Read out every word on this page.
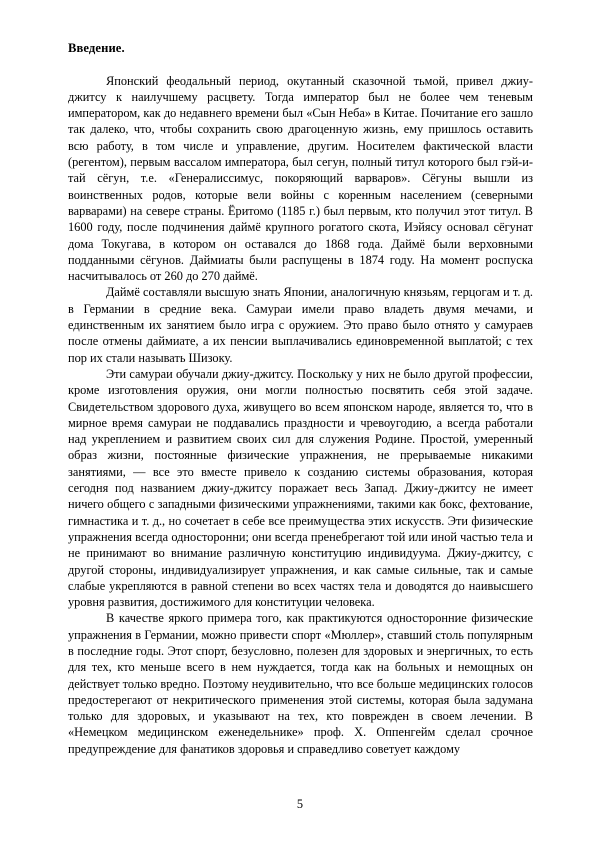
Введение.

Японский феодальный период, окутанный сказочной тьмой, привел джиу-джитсу к наилучшему расцвету. Тогда император был не более чем теневым императором, как до недавнего времени был «Сын Неба» в Китае. Почитание его зашло так далеко, что, чтобы сохранить свою драгоценную жизнь, ему пришлось оставить всю работу, в том числе и управление, другим. Носителем фактической власти (регентом), первым вассалом императора, был сегун, полный титул которого был гэй-и-тай сёгун, т.е. «Генералиссимус, покоряющий варваров». Сёгуны вышли из воинственных родов, которые вели войны с коренным населением (северными варварами) на севере страны. Ёритомо (1185 г.) был первым, кто получил этот титул. В 1600 году, после подчинения даймё крупного рогатого скота, Иэйясу основал сёгунат дома Токугава, в котором он оставался до 1868 года. Даймё были верховными подданными сёгунов. Даймиаты были распущены в 1874 году. На момент роспуска насчитывалось от 260 до 270 даймё.

Даймё составляли высшую знать Японии, аналогичную князьям, герцогам и т. д. в Германии в средние века. Самураи имели право владеть двумя мечами, и единственным их занятием было игра с оружием. Это право было отнято у самураев после отмены даймиате, а их пенсии выплачивались единовременной выплатой; с тех пор их стали называть Шизоку.

Эти самураи обучали джиу-джитсу. Поскольку у них не было другой профессии, кроме изготовления оружия, они могли полностью посвятить себя этой задаче. Свидетельством здорового духа, живущего во всем японском народе, является то, что в мирное время самураи не поддавались праздности и чревоугодию, а всегда работали над укреплением и развитием своих сил для служения Родине. Простой, умеренный образ жизни, постоянные физические упражнения, не прерываемые никакими занятиями, — все это вместе привело к созданию системы образования, которая сегодня под названием джиу-джитсу поражает весь Запад. Джиу-джитсу не имеет ничего общего с западными физическими упражнениями, такими как бокс, фехтование, гимнастика и т. д., но сочетает в себе все преимущества этих искусств. Эти физические упражнения всегда односторонни; они всегда пренебрегают той или иной частью тела и не принимают во внимание различную конституцию индивидуума. Джиу-джитсу, с другой стороны, индивидуализирует упражнения, и как самые сильные, так и самые слабые укрепляются в равной степени во всех частях тела и доводятся до наивысшего уровня развития, достижимого для конституции человека.

В качестве яркого примера того, как практикуются односторонние физические упражнения в Германии, можно привести спорт «Мюллер», ставший столь популярным в последние годы. Этот спорт, безусловно, полезен для здоровых и энергичных, то есть для тех, кто меньше всего в нем нуждается, тогда как на больных и немощных он действует только вредно. Поэтому неудивительно, что все больше медицинских голосов предостерегают от некритического применения этой системы, которая была задумана только для здоровых, и указывают на тех, кто поврежден в своем лечении. В «Немецком медицинском еженедельнике» проф. Х. Оппенгейм сделал срочное предупреждение для фанатиков здоровья и справедливо советует каждому

5
